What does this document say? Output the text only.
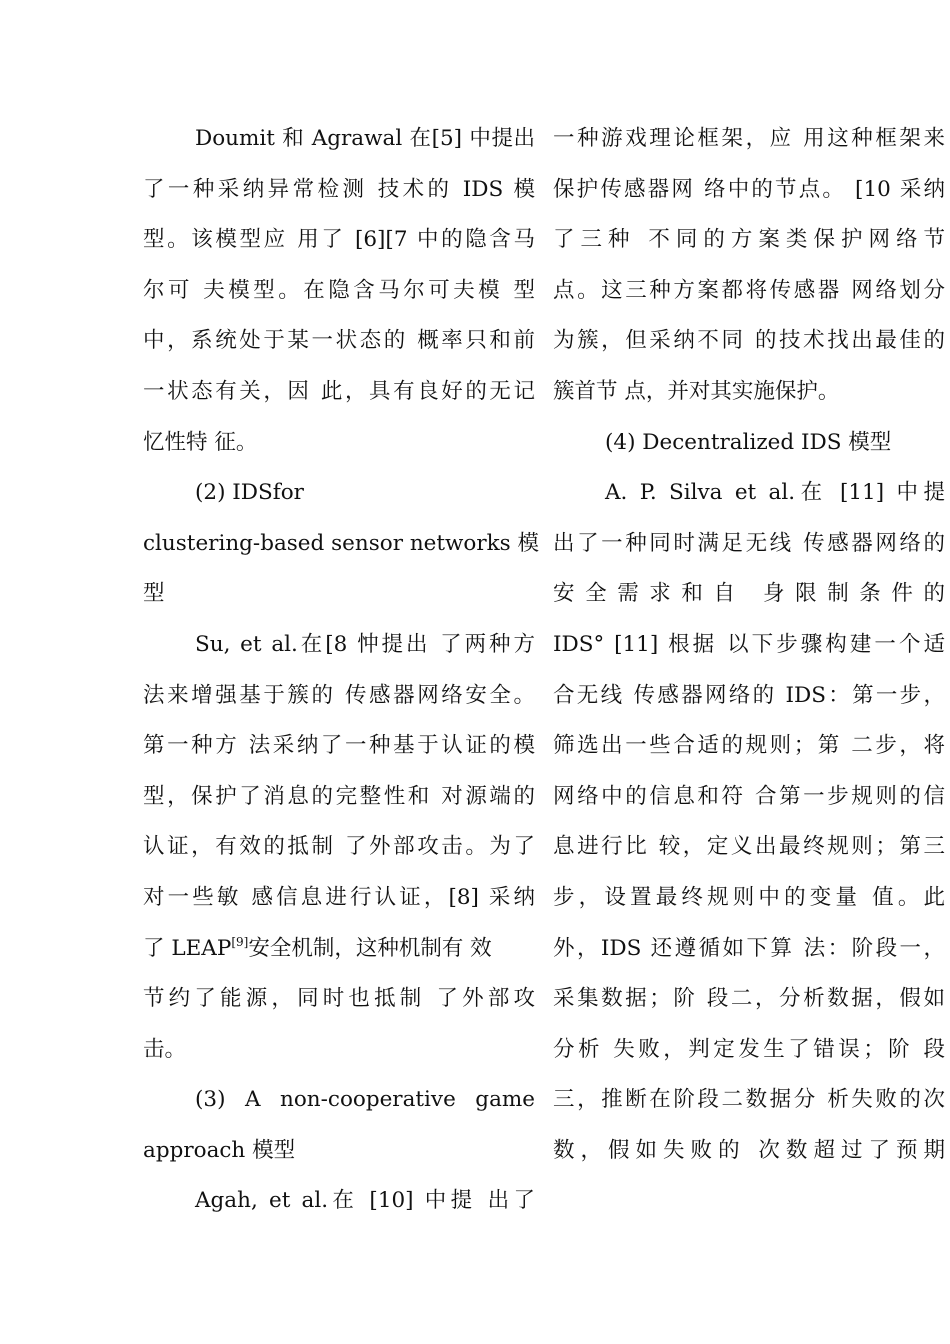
Doumit 和 Agrawal 在[5] 中提出
了一种采纳异常检测 技术的 IDS 模
型。该模型应 用了 [6][7 中的隐含马
尔可 夫模型。在隐含马尔可夫模 型
中，系统处于某一状态的 概率只和前
一状态有关，因 此，具有良好的无记
忆性特 征。
(2) IDSfor
clustering-based sensor networks 模
型
Su, et al.在[8 忡提出 了两种方
法来增强基于簇的 传感器网络安全。
第一种方 法采纳了一种基于认证的模
型，保护了消息的完整性和 对源端的
认证，有效的抵制 了外部攻击。为了
对一些敏 感信息进行认证，[8] 采纳
了 LEAP[9]安全机制，这种机制有 效
节约了能源，同时也抵制 了外部攻
击。
(3) A non-cooperative game
approach 模型
Agah, et al.在 [10] 中提 出了
一种游戏理论框架，应 用这种框架来
保护传感器网 络中的节点。 [10 采纳
了三种 不同的方案类保护网络节
点。这三种方案都将传感器 网络划分
为簇，但采纳不同 的技术找出最佳的
簇首节 点，并对其实施保护。
(4) Decentralized IDS 模型
A. P. Silva et al.在 [11] 中提
出了一种同时满足无线 传感器网络的
安全需求和自 身限制条件的
IDS° [11] 根据 以下步骤构建一个适
合无线 传感器网络的 IDS：第一步，
筛选出一些合适的规则；第 二步，将
网络中的信息和符 合第一步规则的信
息进行比 较，定义出最终规则；第三
步，设置最终规则中的变量 值。此
外，IDS 还遵循如下算 法：阶段一，
采集数据；阶 段二，分析数据，假如
分析 失败，判定发生了错误；阶 段
三，推断在阶段二数据分 析失败的次
数，假如失败的 次数超过了预期
